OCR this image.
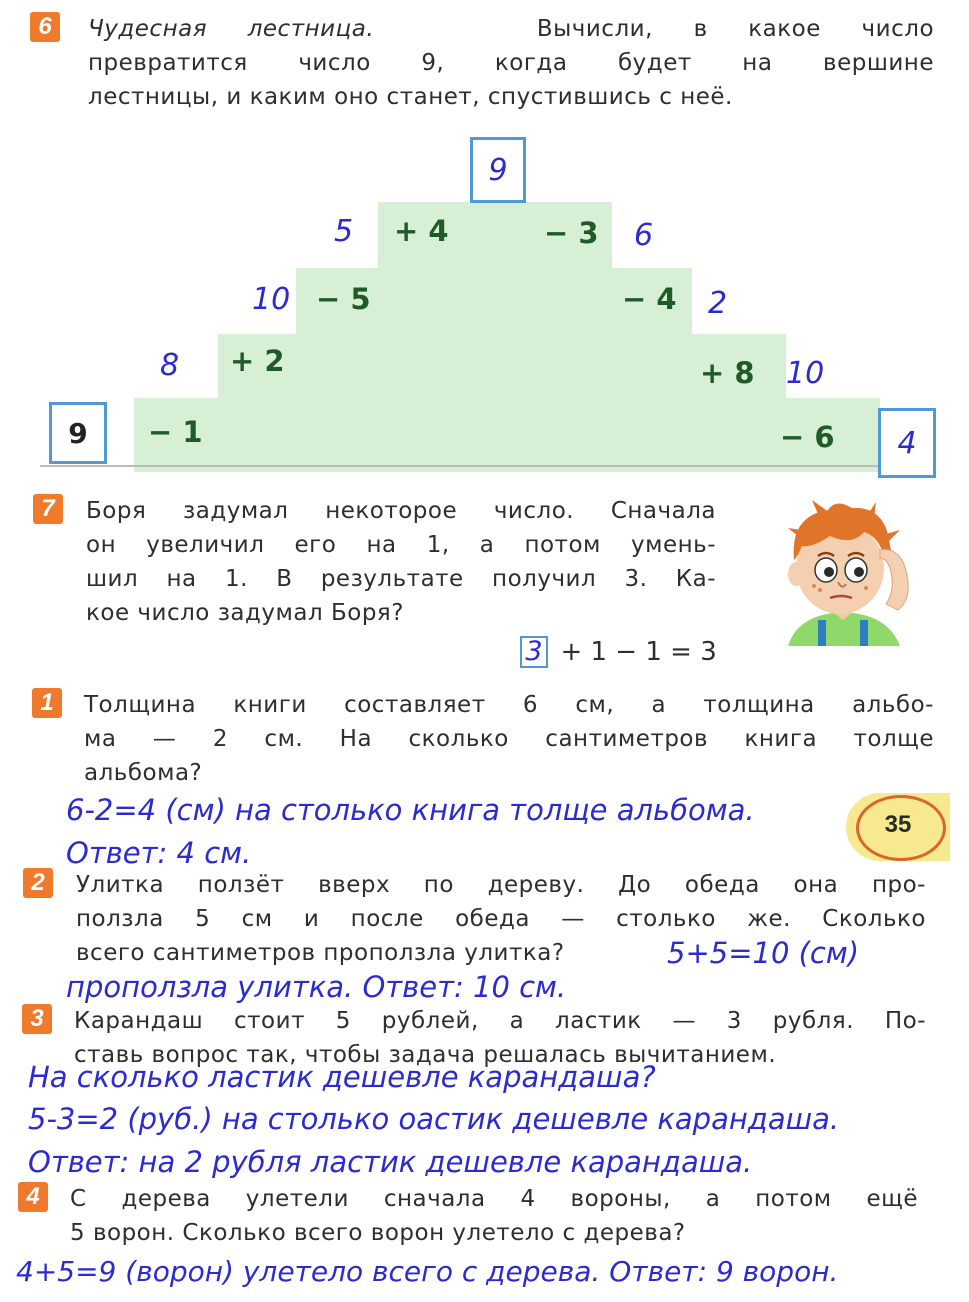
6	Чудесная лестница.	Вычисли, в какое число
превратится число 9, когда будет на вершине
лестницы, и каким оно станет, спустившись с неё.
9
9	4
− 1
+ 2
− 5
+ 4	− 3
− 4
+ 8
− 6
8
10
5	6
2
10
7	Боря задумал некоторое число. Сначала
он увеличил его на 1, а потом умень-
шил на 1. В результате получил 3. Ка-
кое число задумал Боря?
3 + 1 − 1 = 3
1	Толщина книги составляет 6 см, а толщина альбо-
ма — 2 см. На сколько сантиметров книга толще
альбома?
6-2=4 (см) на столько книга толще альбома.
Ответ: 4 см.
35
2	Улитка ползёт вверх по дереву. До обеда она про-
ползла 5 см и после обеда — столько же. Сколько
всего сантиметров проползла улитка?	5+5=10 (см)
проползла улитка. Ответ: 10 см.
3	Карандаш стоит 5 рублей, а ластик — 3 рубля. По-
ставь вопрос так, чтобы задача решалась вычитанием.
На сколько ластик дешевле карандаша?
5-3=2 (руб.) на столько оастик дешевле карандаша.
Ответ: на 2 рубля ластик дешевле карандаша.
4	С дерева улетели сначала 4 вороны, а потом ещё
5 ворон. Сколько всего ворон улетело с дерева?
4+5=9 (ворон) улетело всего с дерева. Ответ: 9 ворон.
